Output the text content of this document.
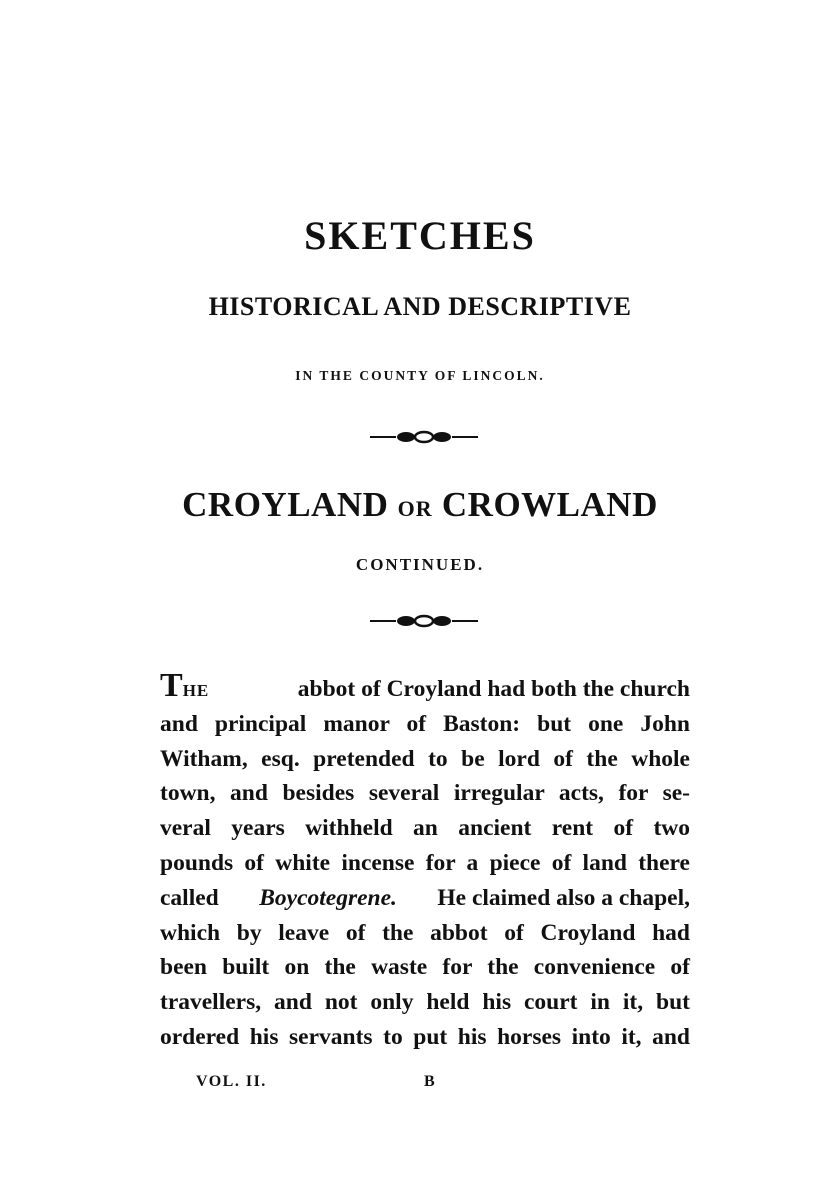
SKETCHES
HISTORICAL AND DESCRIPTIVE
IN THE COUNTY OF LINCOLN.
CROYLAND OR CROWLAND
CONTINUED.
THE	abbot of Croyland had both the church
and principal manor of Baston: but one John
Witham, esq. pretended to be lord of the whole
town, and besides several irregular acts, for se-
veral years withheld an ancient rent of two
pounds of white incense for a piece of land there
called Boycotegrene. He claimed also a chapel,
which by leave of the abbot of Croyland had
been built on the waste for the convenience of
travellers, and not only held his court in it, but
ordered his servants to put his horses into it, and
VOL. II.	B
